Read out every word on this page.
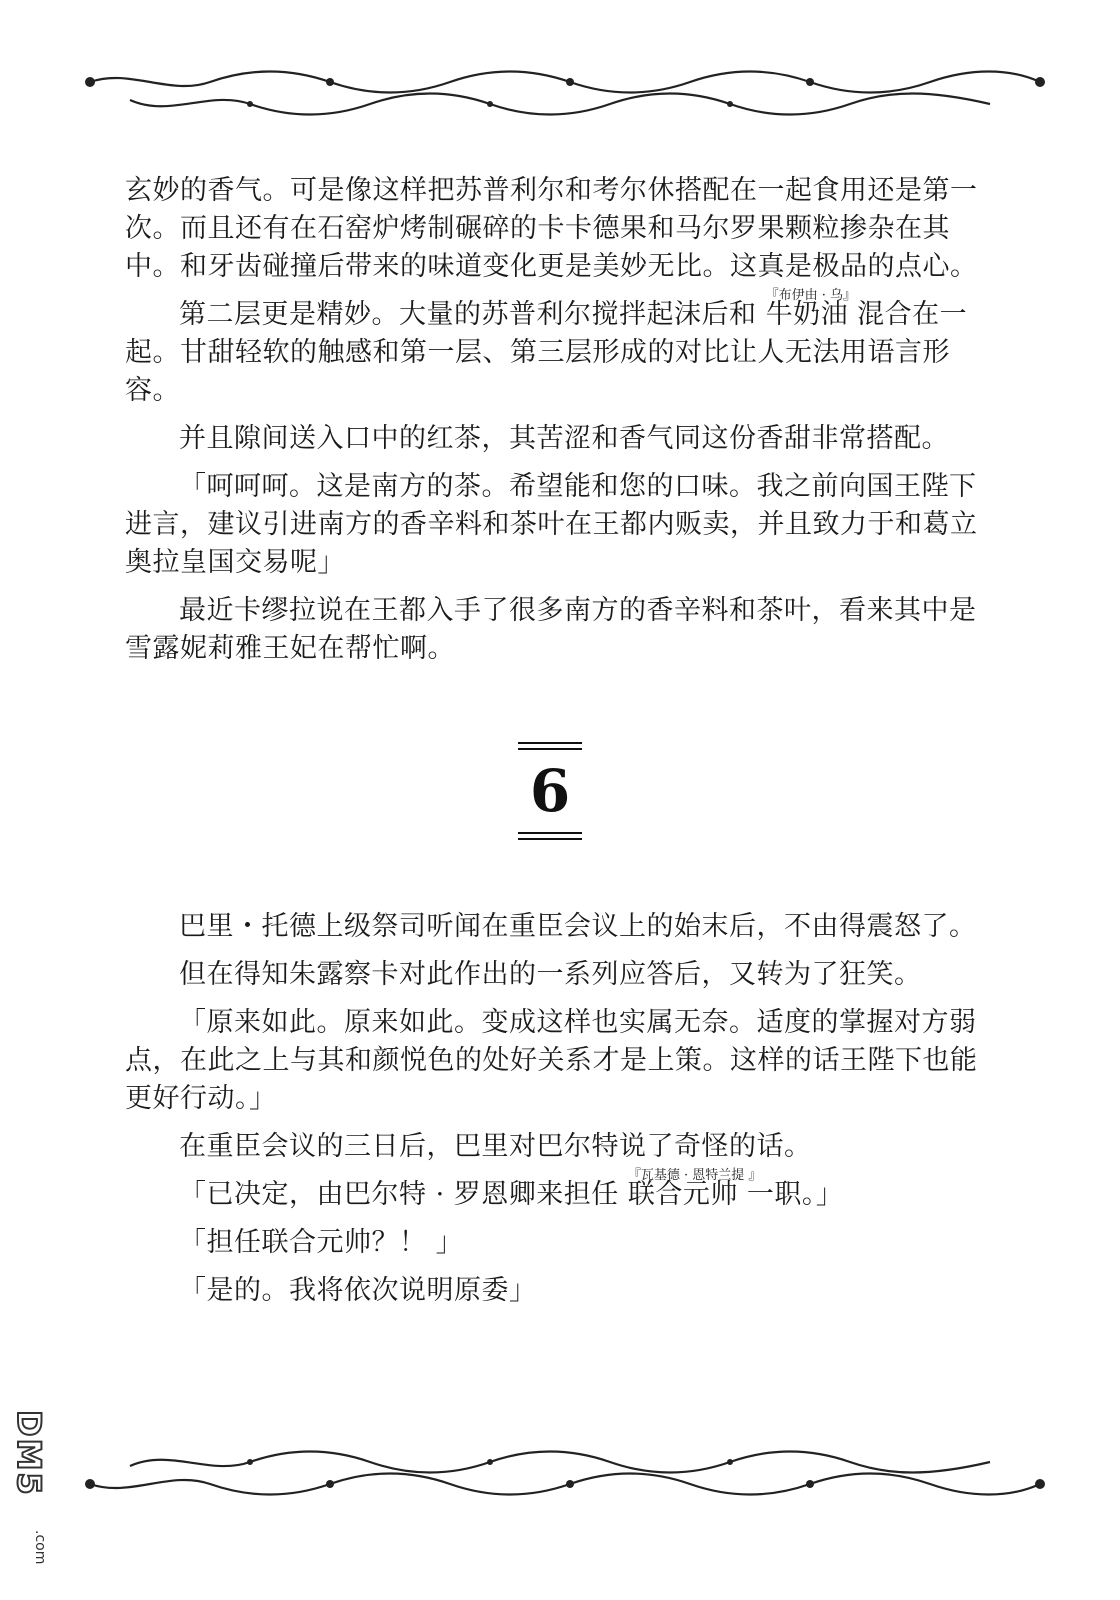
玄妙的香气。可是像这样把苏普利尔和考尔休搭配在一起食用还是第一

次。而且还有在石窑炉烤制碾碎的卡卡德果和马尔罗果颗粒掺杂在其

中。和牙齿碰撞后带来的味道变化更是美妙无比。这真是极品的点心。

第二层更是精妙。大量的苏普利尔搅拌起沫后和
『布伊由 · 乌』
牛奶油 混合在一

起。甘甜轻软的触感和第一层、第三层形成的对比让人无法用语言形

容。

并且隙间送入口中的红茶，其苦涩和香气同这份香甜非常搭配。

「呵呵呵。这是南方的茶。希望能和您的口味。我之前向国王陛下

进言，建议引进南方的香辛料和茶叶在王都内贩卖，并且致力于和葛立

奥拉皇国交易呢」

最近卡缪拉说在王都入手了很多南方的香辛料和茶叶，看来其中是

雪露妮莉雅王妃在帮忙啊。

6

巴里・托德上级祭司听闻在重臣会议上的始末后，不由得震怒了。

但在得知朱露察卡对此作出的一系列应答后，又转为了狂笑。

「原来如此。原来如此。变成这样也实属无奈。适度的掌握对方弱

点，在此之上与其和颜悦色的处好关系才是上策。这样的话王陛下也能

更好行动。」

在重臣会议的三日后，巴里对巴尔特说了奇怪的话。

「已决定，由巴尔特 · 罗恩卿来担任
『瓦基德 · 恩特兰提 』
联合元帅 一职。」

「担任联合元帅？！ 」

「是的。我将依次说明原委」

DM5
.com
